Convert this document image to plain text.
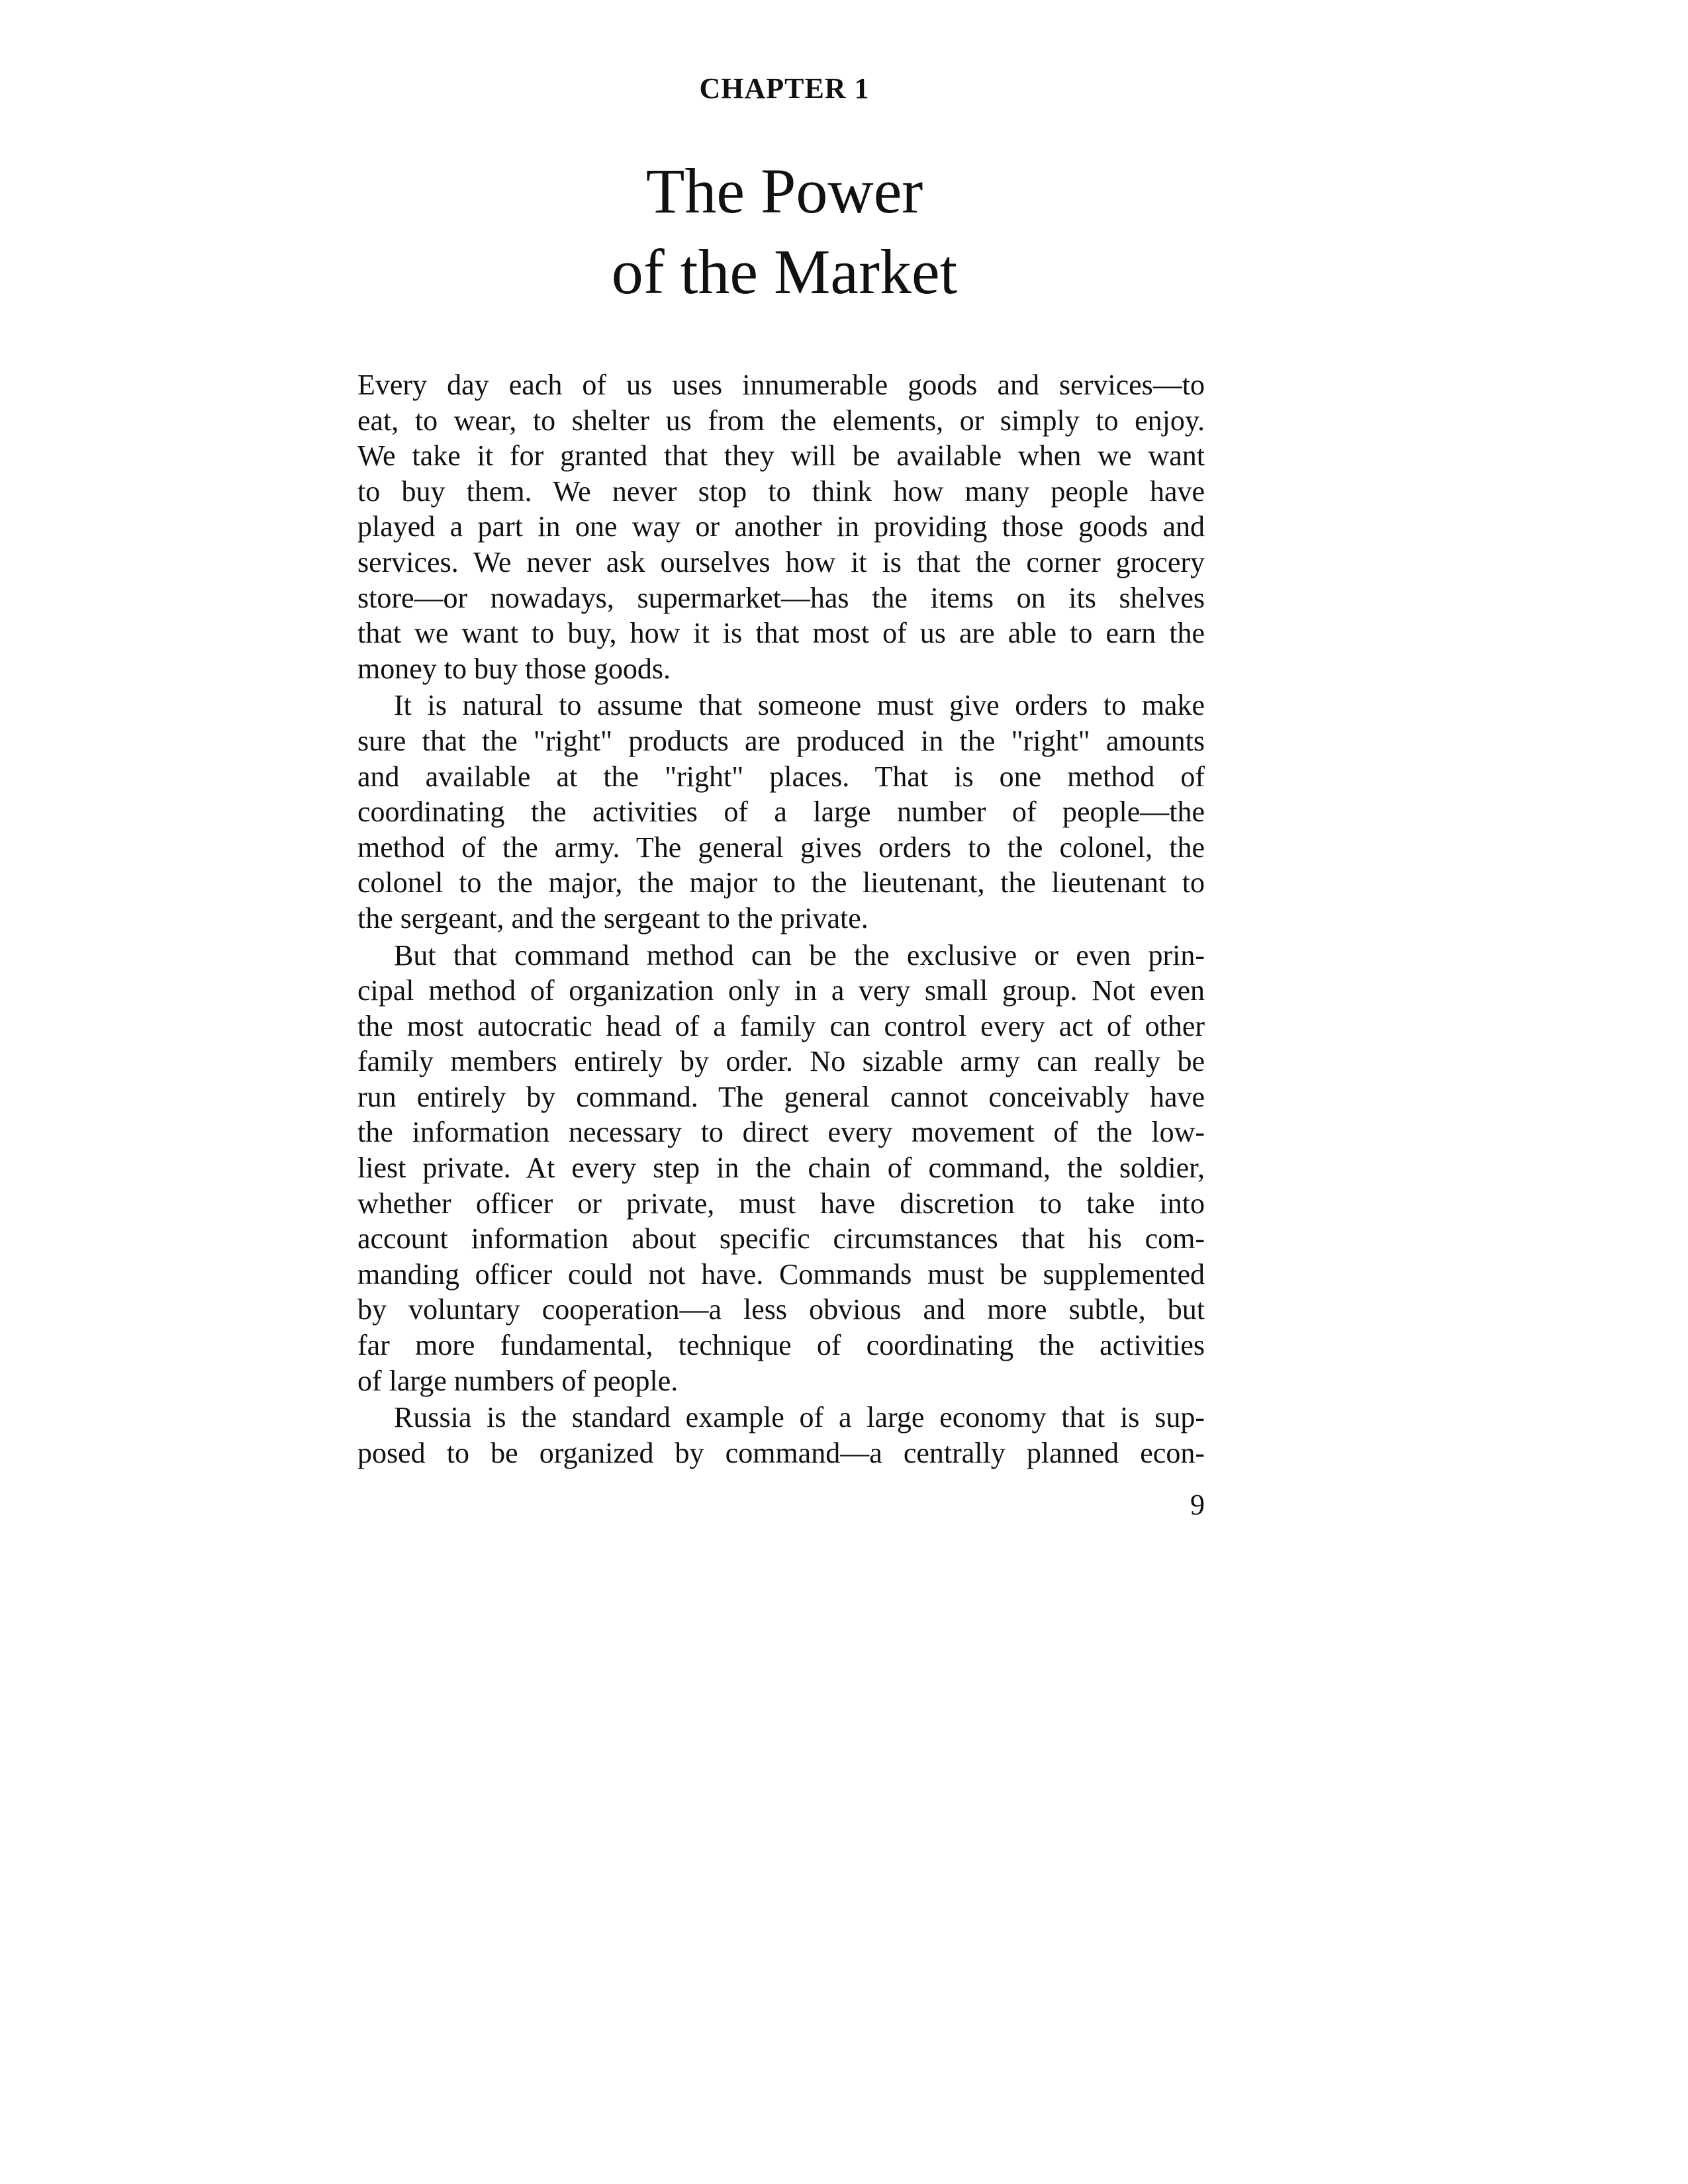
CHAPTER 1
The Power
of the Market
Every day each of us uses innumerable goods and services—to
eat, to wear, to shelter us from the elements, or simply to enjoy.
We take it for granted that they will be available when we want
to buy them. We never stop to think how many people have
played a part in one way or another in providing those goods and
services. We never ask ourselves how it is that the corner grocery
store—or nowadays, supermarket—has the items on its shelves
that we want to buy, how it is that most of us are able to earn the
money to buy those goods.
It is natural to assume that someone must give orders to make
sure that the "right" products are produced in the "right" amounts
and available at the "right" places. That is one method of
coordinating the activities of a large number of people—the
method of the army. The general gives orders to the colonel, the
colonel to the major, the major to the lieutenant, the lieutenant to
the sergeant, and the sergeant to the private.
But that command method can be the exclusive or even prin-
cipal method of organization only in a very small group. Not even
the most autocratic head of a family can control every act of other
family members entirely by order. No sizable army can really be
run entirely by command. The general cannot conceivably have
the information necessary to direct every movement of the low-
liest private. At every step in the chain of command, the soldier,
whether officer or private, must have discretion to take into
account information about specific circumstances that his com-
manding officer could not have. Commands must be supplemented
by voluntary cooperation—a less obvious and more subtle, but
far more fundamental, technique of coordinating the activities
of large numbers of people.
Russia is the standard example of a large economy that is sup-
posed to be organized by command—a centrally planned econ-
9
